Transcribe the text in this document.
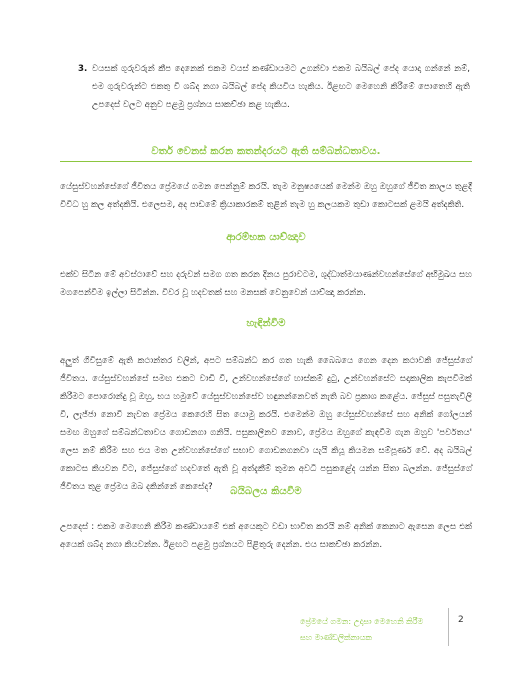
3. වයසක් ගුරුවරුන් කීප දෙනෙක් එකම වයස් කණ්ඩායමට උගන්වා එකම බයිබල් පේද යොදා ගන්නේ නම්, එම ගුරුවරුන්ට එකතු වී ශබ්ද නගා බයිබල් පේද කියවිය හැකිය. ඊළඟට මෙහෙනි කිරීමේ පොතෙහි ඇති උපදෙස් වලට අනුව පළමු ප්‍රශ්නය සාකච්ඡා කළ හැකිය.
වර්ත වෙනස් කරන කතන්දරයට ඇති සම්බන්ධතාවය.

යේසුස්වහන්සේගේ ජීවිතය ප්‍රේමයේ ගමන පෙන්නුම් කරයි. තැම මනුෂ්‍යයෙක් මෙන්ම ඔහු ඔහුගේ ජීවිත කාලය තුළදී විවිධ හු කල අත්දකියි. එලෙසම, අද පාඩමේ ක්‍රියාකාරකම් තුළින් තැම හු කලයකම තුඩා කොටසක් ළමයි අත්දකිති.

ආරම්භක යාච්ඤාව

එක්ව සිටින මේ අවස්ථාවේ සහ දරුවන් සමග ගත කරන දිනය පුරාවටම, ශුද්ධාත්මයාණන්වහන්සේගේ අභිමුඛය සහ මගපෙන්වීම ඉල්ලා සිටින්න. විවර වූ හදවතක් සහ මනසක් වෙනුවෙන් යාච්ඤා කරන්න.

හැඳින්වීම

අලුත් ගිවිසුමේ ඇති කථාන්තර වලින්, අපට සම්බන්ධ කර ගත හැකි බෛබයෙ ගෙන දෙන කථාවකි ජේසුස්ගේ ජීවිතය. යේසුස්වහන්සේ සමඟ එකට වාඩි වී, උන්වහන්සේගේ හාස්කම් දුටු, උන්වහන්සේට සදාකාලික කැපවීමක් කිරීමට පොරොන්දු වූ ඔහු, භය හමුවේ යේසුස්වහන්සේව හඳුනන්නෙවත් නැති බව ප්‍රකාශ කළේය. ජේසුස් පසුතැවිලි වී, ලැජ්ජා නොවී නැවත ප්‍රේමය කෙරෙහි සිත යොමු කරයි. එමෙන්ම ඔහු යේසුස්වහන්සේ සහ අනික් ගෝලයන් සමඟ ඔහුගේ සම්බන්ධතාවය ගොඩනගා ගනියි. පසුකාලීනව නොව, ප්‍රේමය ඔහුගේ කැඳවීම ගැන ඔහුව 'පර්වතය' ලෙස නම් කිරීම සහ එය මත උන්වහන්සේගේ සභාව ගොඩනගනවා යැයි කියූ කියමන සම්පූර්ණ වේ. අද බයිබල් කොටස කියවන විට, ජේසුස්ගේ හදවතේ ඇති වූ අත්දැකීම් තුමන අවධි පසුකළේද යන්න සිතා බලන්න. ජේසුස්ගේ ජීවිතය තුළ ප්‍රේමය ඔබ දකින්නේ කෙසේද?	බයිබලය කියවීම

උපදෙස් : එකම මෙහෙනි කිරීම කණ්ඩායමේ එක් අයෙකුට වඩා භාවිත කරයි නම් අනික් කෙනාට ඇසෙන ලෙස එක් අයෙක් ශබ්ද නගා කියවන්න. ඊළඟට පළමු ප්‍රශ්නයට පිළිතුරු දෙන්න. එය සාකච්ඡා කරන්න.

ප්‍රේමයේ ගමන: උදාසා මෙහෙනි කිරීම
සහ මාණ්ඩලික්නායක
2
